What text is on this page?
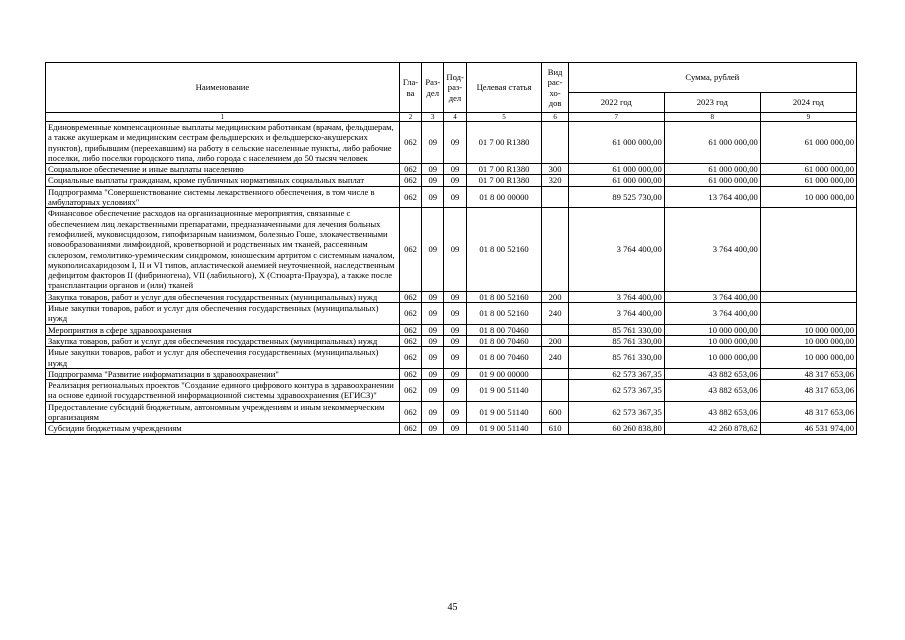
Наименование	Гла-ва	Раз-дел	Под-раз-дел	Целевая статья	Вид рас-хо-дов	Сумма, рублей		
						2022 год	2023 год	2024 год
1	2	3	4	5	6	7	8	9
Единовременные компенсационные выплаты медицинским работникам (врачам, фельдшерам, а также акушеркам и медицинским сестрам фельдшерских и фельдшерско-акушерских пунктов), прибывшим (переехавшим) на работу в сельские населенные пункты, либо рабочие поселки, либо поселки городского типа, либо города с населением до 50 тысяч человек	062	09	09	01 7 00 R1380		61 000 000,00	61 000 000,00	61 000 000,00
Социальное обеспечение и иные выплаты населению	062	09	09	01 7 00 R1380	300	61 000 000,00	61 000 000,00	61 000 000,00
Социальные выплаты гражданам, кроме публичных нормативных социальных выплат	062	09	09	01 7 00 R1380	320	61 000 000,00	61 000 000,00	61 000 000,00
Подпрограмма "Совершенствование системы лекарственного обеспечения, в том числе в амбулаторных условиях"	062	09	09	01 8 00 00000		89 525 730,00	13 764 400,00	10 000 000,00
Финансовое обеспечение расходов на организационные мероприятия, связанные с обеспечением лиц лекарственными препаратами, предназначенными для лечения больных гемофилией, муковисцидозом, гипофизарным нанизмом, болезнью Гоше, злокачественными новообразованиями лимфоидной, кроветворной и родственных им тканей, рассеянным склерозом, гемолитико-уремическим синдромом, юношеским артритом с системным началом, мукополисахаридозом I, II и VI типов, апластической анемией неуточненной, наследственным дефицитом факторов II (фибриногена), VII (лабильного), X (Стюарта-Прауэра), а также после трансплантации органов и (или) тканей	062	09	09	01 8 00 52160		3 764 400,00	3 764 400,00	
Закупка товаров, работ и услуг для обеспечения государственных (муниципальных) нужд	062	09	09	01 8 00 52160	200	3 764 400,00	3 764 400,00	
Иные закупки товаров, работ и услуг для обеспечения государственных (муниципальных) нужд	062	09	09	01 8 00 52160	240	3 764 400,00	3 764 400,00	
Мероприятия в сфере здравоохранения	062	09	09	01 8 00 70460		85 761 330,00	10 000 000,00	10 000 000,00
Закупка товаров, работ и услуг для обеспечения государственных (муниципальных) нужд	062	09	09	01 8 00 70460	200	85 761 330,00	10 000 000,00	10 000 000,00
Иные закупки товаров, работ и услуг для обеспечения государственных (муниципальных) нужд	062	09	09	01 8 00 70460	240	85 761 330,00	10 000 000,00	10 000 000,00
Подпрограмма "Развитие информатизации в здравоохранении"	062	09	09	01 9 00 00000		62 573 367,35	43 882 653,06	48 317 653,06
Реализация региональных проектов "Создание единого цифрового контура в здравоохранении на основе единой государственной информационной системы здравоохранения (ЕГИСЗ)"	062	09	09	01 9 00 51140		62 573 367,35	43 882 653,06	48 317 653,06
Предоставление субсидий бюджетным, автономным учреждениям и иным некоммерческим организациям	062	09	09	01 9 00 51140	600	62 573 367,35	43 882 653,06	48 317 653,06
Субсидии бюджетным учреждениям	062	09	09	01 9 00 51140	610	60 260 838,80	42 260 878,62	46 531 974,00
45
